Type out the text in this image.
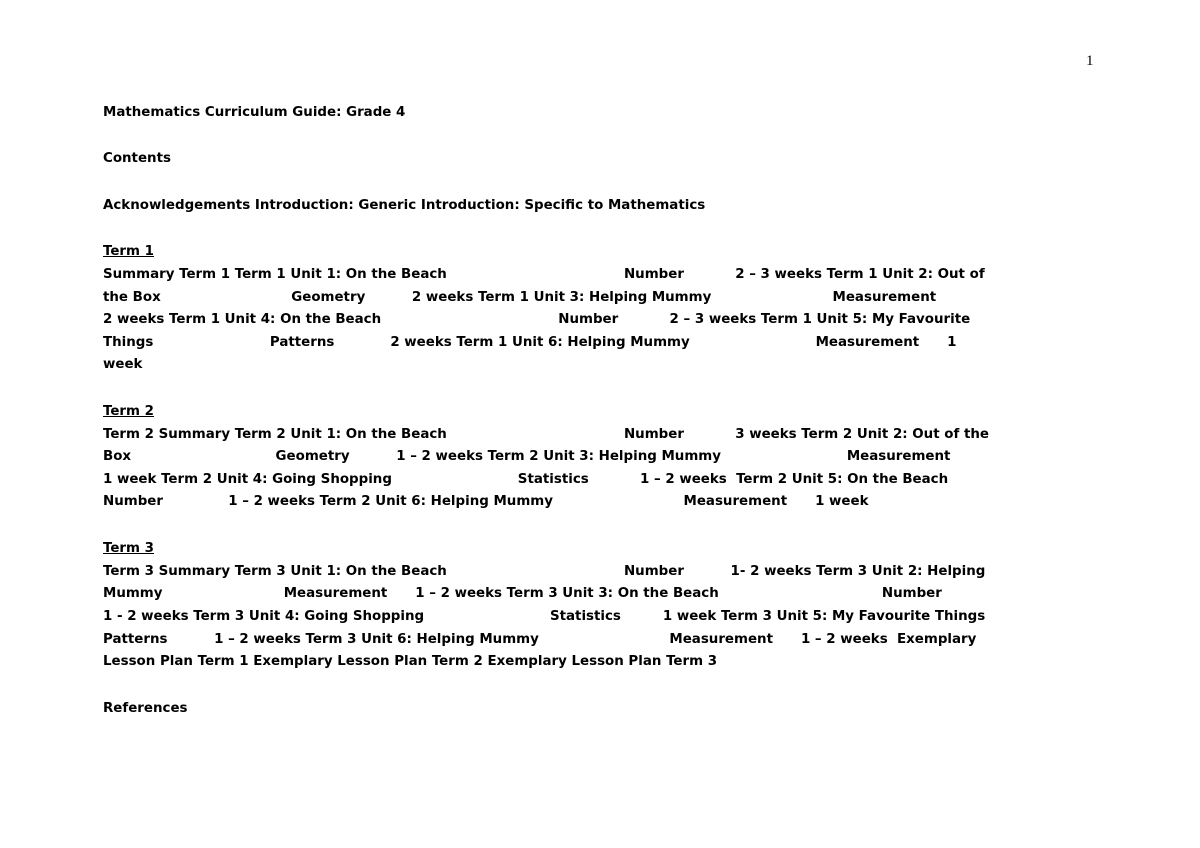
1
Mathematics Curriculum Guide: Grade 4
Contents
Acknowledgements Introduction: Generic Introduction: Specific to Mathematics
Term 1
Summary Term 1 Term 1 Unit 1: On the Beach                                      Number           2 – 3 weeks Term 1 Unit 2: Out of
the Box                            Geometry          2 weeks Term 1 Unit 3: Helping Mummy                          Measurement
2 weeks Term 1 Unit 4: On the Beach                                      Number           2 – 3 weeks Term 1 Unit 5: My Favourite
Things                         Patterns            2 weeks Term 1 Unit 6: Helping Mummy                           Measurement      1
week
Term 2
Term 2 Summary Term 2 Unit 1: On the Beach                                      Number           3 weeks Term 2 Unit 2: Out of the
Box                               Geometry          1 – 2 weeks Term 2 Unit 3: Helping Mummy                           Measurement
1 week Term 2 Unit 4: Going Shopping                           Statistics           1 – 2 weeks  Term 2 Unit 5: On the Beach
Number              1 – 2 weeks Term 2 Unit 6: Helping Mummy                            Measurement      1 week
Term 3
Term 3 Summary Term 3 Unit 1: On the Beach                                      Number          1- 2 weeks Term 3 Unit 2: Helping
Mummy                          Measurement      1 – 2 weeks Term 3 Unit 3: On the Beach                                   Number
1 - 2 weeks Term 3 Unit 4: Going Shopping                           Statistics         1 week Term 3 Unit 5: My Favourite Things
Patterns          1 – 2 weeks Term 3 Unit 6: Helping Mummy                            Measurement      1 – 2 weeks  Exemplary
Lesson Plan Term 1 Exemplary Lesson Plan Term 2 Exemplary Lesson Plan Term 3
References
